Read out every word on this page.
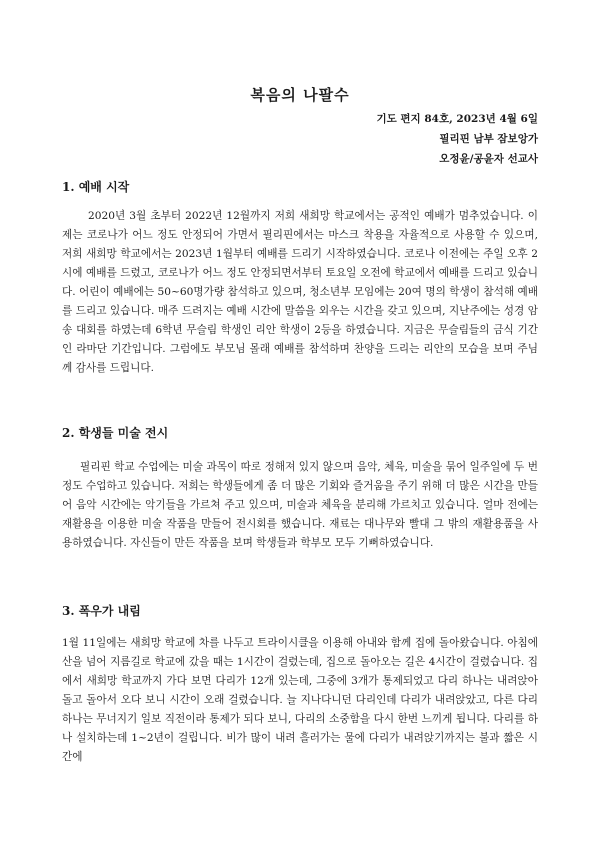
복음의 나팔수
기도 편지 84호, 2023년 4월 6일
필리핀 남부 잠보앙가
오정윤/공윤자 선교사
1. 예배 시작

2020년 3월 초부터 2022년 12월까지 저희 새희망 학교에서는 공적인 예배가 멈추었습니다. 이제는 코로나가 어느 정도 안정되어 가면서 필리핀에서는 마스크 착용을 자율적으로 사용할 수 있으며, 저희 새희망 학교에서는 2023년 1월부터 예배를 드리기 시작하였습니다. 코로나 이전에는 주일 오후 2시에 예배를 드렸고, 코로나가 어느 정도 안정되면서부터 토요일 오전에 학교에서 예배를 드리고 있습니다. 어린이 예배에는 50~60명가량 참석하고 있으며, 청소년부 모임에는 20여 명의 학생이 참석해 예배를 드리고 있습니다. 매주 드려지는 예배 시간에 말씀을 외우는 시간을 갖고 있으며, 지난주에는 성경 암송 대회를 하였는데 6학년 무슬림 학생인 리안 학생이 2등을 하였습니다. 지금은 무슬림들의 금식 기간인 라마단 기간입니다. 그럼에도 부모님 몰래 예배를 참석하며 찬양을 드리는 리안의 모습을 보며 주님께 감사를 드립니다.

2. 학생들 미술 전시

필리핀 학교 수업에는 미술 과목이 따로 정해져 있지 않으며 음악, 체육, 미술을 묶어 일주일에 두 번 정도 수업하고 있습니다. 저희는 학생들에게 좀 더 많은 기회와 즐거움을 주기 위해 더 많은 시간을 만들어 음악 시간에는 악기들을 가르쳐 주고 있으며, 미술과 체육을 분리해 가르치고 있습니다. 얼마 전에는 재활용을 이용한 미술 작품을 만들어 전시회를 했습니다. 재료는 대나무와 빨대 그 밖의 재활용품을 사용하였습니다. 자신들이 만든 작품을 보며 학생들과 학부모 모두 기뻐하였습니다.

3. 폭우가 내림

1월 11일에는 새희망 학교에 차를 나두고 트라이시클을 이용해 아내와 함께 집에 돌아왔습니다. 아침에 산을 넘어 지름길로 학교에 갔을 때는 1시간이 걸렸는데, 집으로 돌아오는 길은 4시간이 걸렸습니다. 집에서 새희망 학교까지 가다 보면 다리가 12개 있는데, 그중에 3개가 통제되었고 다리 하나는 내려앉아 돌고 돌아서 오다 보니 시간이 오래 걸렸습니다. 늘 지나다니던 다리인데 다리가 내려앉았고, 다른 다리 하나는 무너지기 일보 직전이라 통제가 되다 보니, 다리의 소중함을 다시 한번 느끼게 됩니다. 다리를 하나 설치하는데 1~2년이 걸립니다. 비가 많이 내려 흘러가는 물에 다리가 내려앉기까지는 불과 짧은 시간에
